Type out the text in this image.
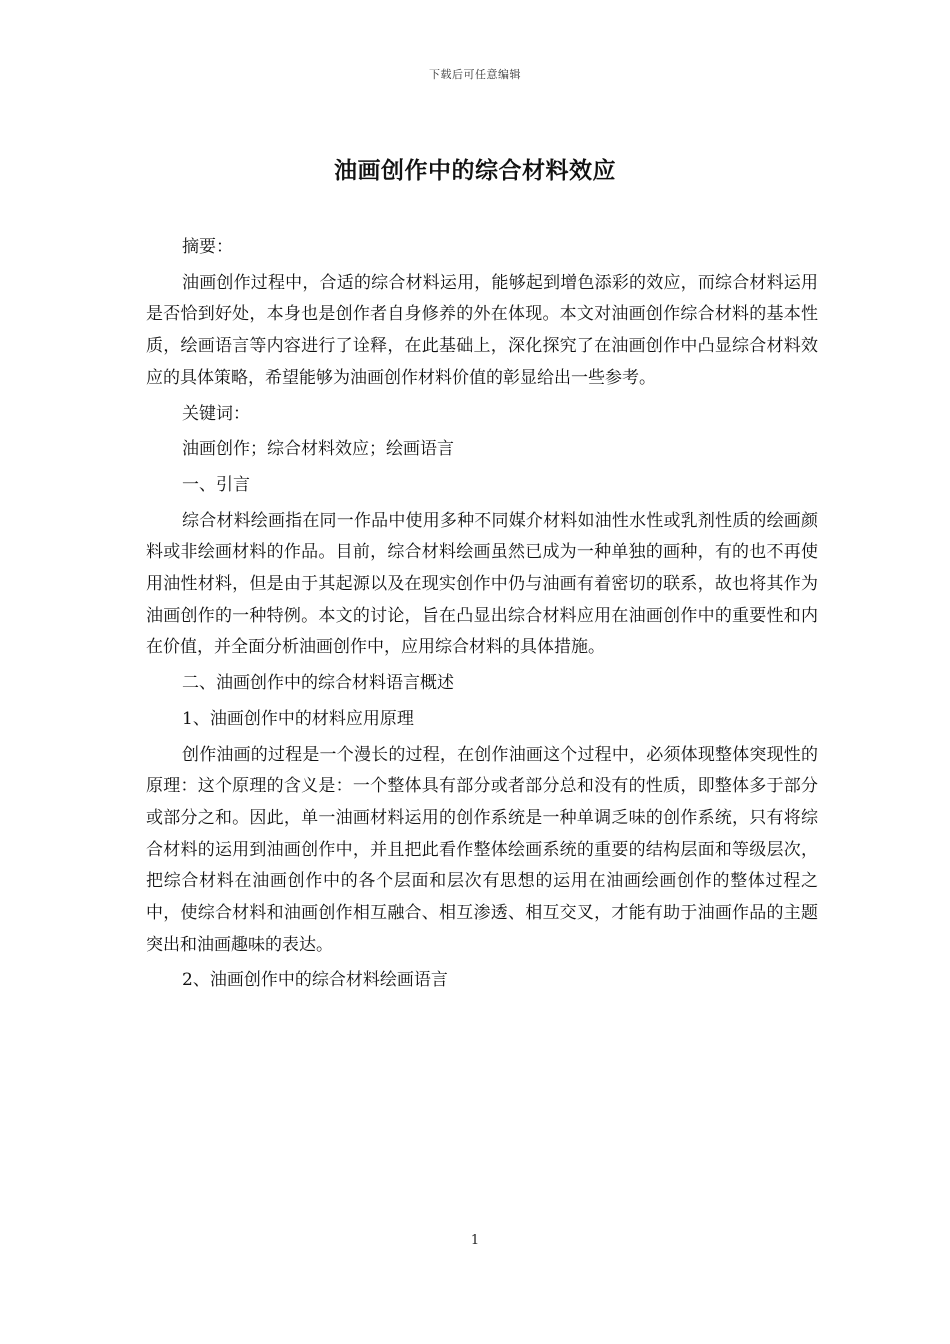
下载后可任意编辑
油画创作中的综合材料效应

摘要：

油画创作过程中，合适的综合材料运用，能够起到增色添彩的效应，而综合材料运用是否恰到好处，本身也是创作者自身修养的外在体现。本文对油画创作综合材料的基本性质，绘画语言等内容进行了诠释，在此基础上，深化探究了在油画创作中凸显综合材料效应的具体策略，希望能够为油画创作材料价值的彰显给出一些参考。

关键词：

油画创作；综合材料效应；绘画语言

一、引言

综合材料绘画指在同一作品中使用多种不同媒介材料如油性水性或乳剂性质的绘画颜料或非绘画材料的作品。目前，综合材料绘画虽然已成为一种单独的画种，有的也不再使用油性材料，但是由于其起源以及在现实创作中仍与油画有着密切的联系，故也将其作为油画创作的一种特例。本文的讨论，旨在凸显出综合材料应用在油画创作中的重要性和内在价值，并全面分析油画创作中，应用综合材料的具体措施。

二、油画创作中的综合材料语言概述

1、油画创作中的材料应用原理

创作油画的过程是一个漫长的过程，在创作油画这个过程中，必须体现整体突现性的原理：这个原理的含义是：一个整体具有部分或者部分总和没有的性质，即整体多于部分或部分之和。因此，单一油画材料运用的创作系统是一种单调乏味的创作系统，只有将综合材料的运用到油画创作中，并且把此看作整体绘画系统的重要的结构层面和等级层次，把综合材料在油画创作中的各个层面和层次有思想的运用在油画绘画创作的整体过程之中，使综合材料和油画创作相互融合、相互渗透、相互交叉，才能有助于油画作品的主题突出和油画趣味的表达。

2、油画创作中的综合材料绘画语言

1
